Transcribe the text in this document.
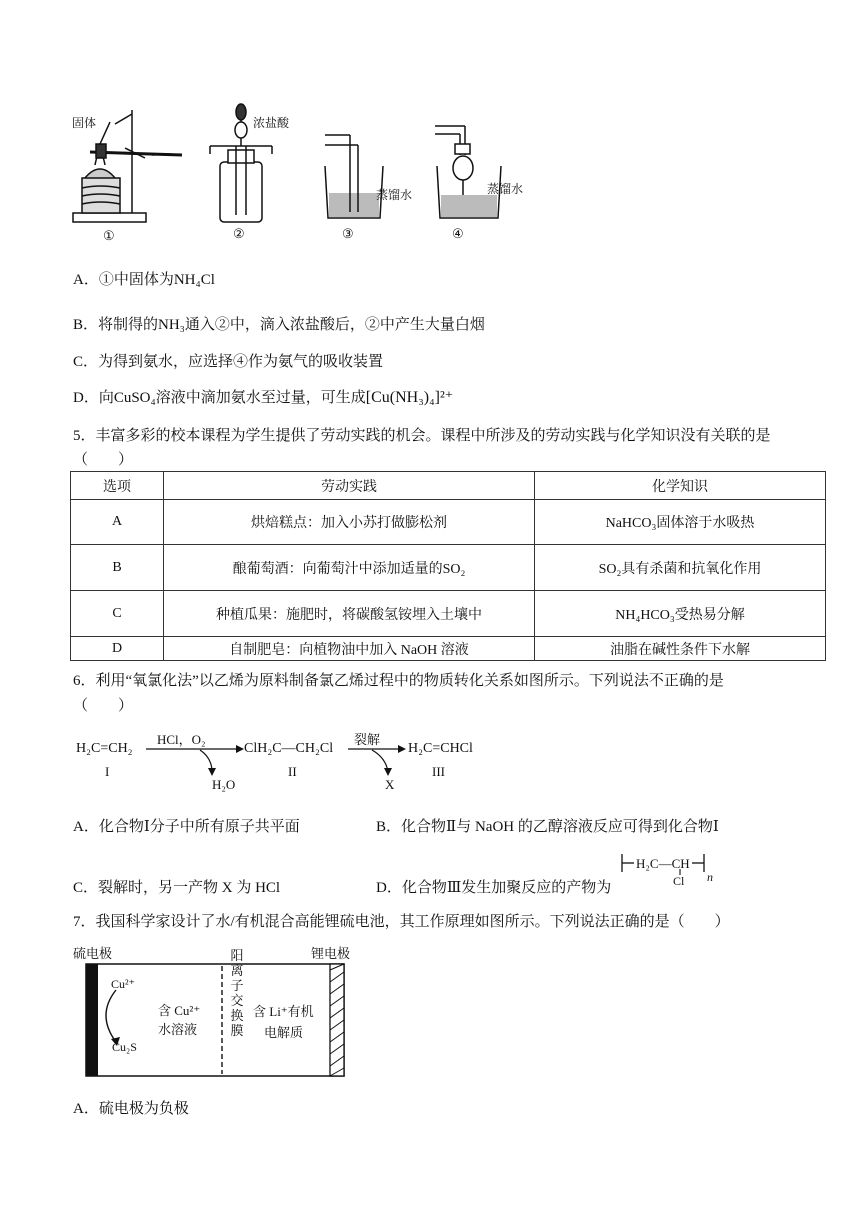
固体	浓盐酸
蒸馏水	蒸馏水
①	②	③	④
A．①中固体为NH₄Cl
B．将制得的NH₃通入②中，滴入浓盐酸后，②中产生大量白烟
C．为得到氨水，应选择④作为氨气的吸收装置
D．向CuSO₄溶液中滴加氨水至过量，可生成[Cu(NH₃)₄]²⁺
5．丰富多彩的校本课程为学生提供了劳动实践的机会。课程中所涉及的劳动实践与化学知识没有关联的是
（　　）
选项	劳动实践	化学知识
A	烘焙糕点：加入小苏打做膨松剂	NaHCO₃固体溶于水吸热
B	酿葡萄酒：向葡萄汁中添加适量的SO₂	SO₂具有杀菌和抗氧化作用
C	种植瓜果：施肥时，将碳酸氢铵埋入土壤中	NH₄HCO₃受热易分解
D	自制肥皂：向植物油中加入 NaOH 溶液	油脂在碱性条件下水解
6．利用“氧氯化法”以乙烯为原料制备氯乙烯过程中的物质转化关系如图所示。下列说法不正确的是
（　　）
H₂C=CH₂
I
HCl，O₂
H₂O
ClH₂C—CH₂Cl
II
裂解
X
H₂C=CHCl
III
A．化合物Ⅰ分子中所有原子共平面	B．化合物Ⅱ与 NaOH 的乙醇溶液反应可得到化合物Ⅰ
C．裂解时，另一产物 X 为 HCl	D．化合物Ⅲ发生加聚反应的产物为
H₂C—CH
Cl n
7．我国科学家设计了水/有机混合高能锂硫电池，其工作原理如图所示。下列说法正确的是（　　）
硫电极	锂电极
Cu²⁺
Cu₂S
含 Cu²⁺
水溶液
阳
离
子
交
换
膜
含 Li⁺有机
电解质
A．硫电极为负极
